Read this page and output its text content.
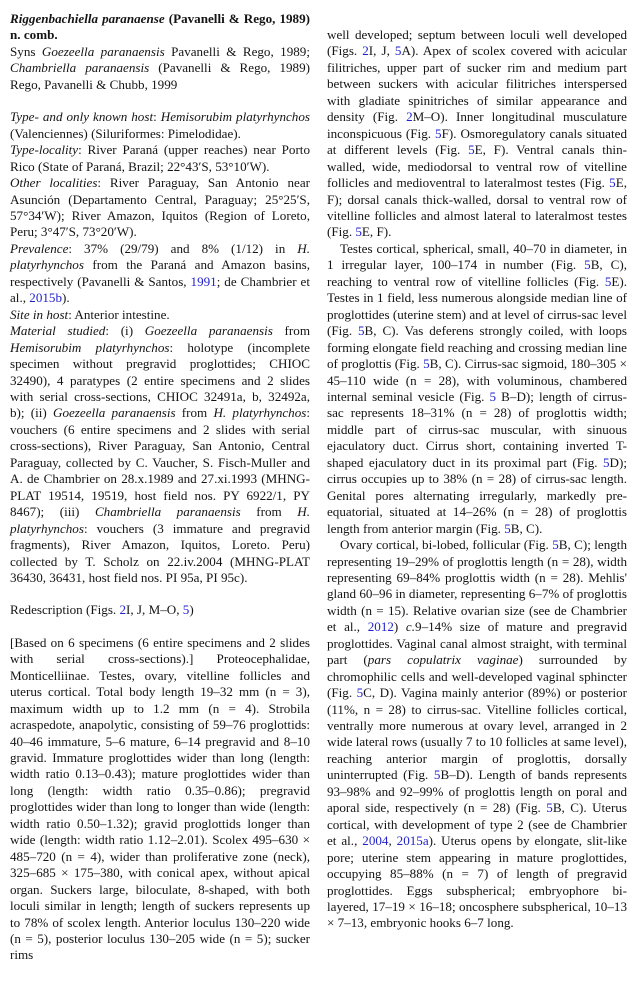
Riggenbachiella paranaense (Pavanelli & Rego, 1989) n. comb.

Syns Goezeella paranaensis Pavanelli & Rego, 1989; Chambriella paranaensis (Pavanelli & Rego, 1989) Rego, Pavanelli & Chubb, 1999

Type- and only known host: Hemisorubim platyrhynchos (Valenciennes) (Siluriformes: Pimelodidae).

Type-locality: River Paraná (upper reaches) near Porto Rico (State of Paraná, Brazil; 22°43′S, 53°10′W).

Other localities: River Paraguay, San Antonio near Asunción (Departamento Central, Paraguay; 25°25′S, 57°34′W); River Amazon, Iquitos (Region of Loreto, Peru; 3°47′S, 73°20′W).

Prevalence: 37% (29/79) and 8% (1/12) in H. platyrhynchos from the Paraná and Amazon basins, respectively (Pavanelli & Santos, 1991; de Chambrier et al., 2015b).

Site in host: Anterior intestine.

Material studied: (i) Goezeella paranaensis from Hemisorubim platyrhynchos: holotype (incomplete specimen without pregravid proglottides; CHIOC 32490), 4 paratypes (2 entire specimens and 2 slides with serial cross-sections, CHIOC 32491a, b, 32492a, b); (ii) Goezeella paranaensis from H. platyrhynchos: vouchers (6 entire specimens and 2 slides with serial cross-sections), River Paraguay, San Antonio, Central Paraguay, collected by C. Vaucher, S. Fisch-Muller and A. de Chambrier on 28.x.1989 and 27.xi.1993 (MHNG-PLAT 19514, 19519, host field nos. PY 6922/1, PY 8467); (iii) Chambriella paranaensis from H. platyrhynchos: vouchers (3 immature and pregravid fragments), River Amazon, Iquitos, Loreto. Peru) collected by T. Scholz on 22.iv.2004 (MHNG-PLAT 36430, 36431, host field nos. PI 95a, PI 95c).

Redescription (Figs. 2I, J, M–O, 5)

[Based on 6 specimens (6 entire specimens and 2 slides with serial cross-sections).] Proteocephalidae, Monticelliinae. Testes, ovary, vitelline follicles and uterus cortical. Total body length 19–32 mm (n = 3), maximum width up to 1.2 mm (n = 4). Strobila acraspedote, anapolytic, consisting of 59–76 proglottids: 40–46 immature, 5–6 mature, 6–14 pregravid and 8–10 gravid. Immature proglottides wider than long (length: width ratio 0.13–0.43); mature proglottides wider than long (length: width ratio 0.35–0.86); pregravid proglottides wider than long to longer than wide (length: width ratio 0.50–1.32); gravid proglottids longer than wide (length: width ratio 1.12–2.01). Scolex 495–630 × 485–720 (n = 4), wider than proliferative zone (neck), 325–685 × 175–380, with conical apex, without apical organ. Suckers large, biloculate, 8-shaped, with both loculi similar in length; length of suckers represents up to 78% of scolex length. Anterior loculus 130–220 wide (n = 5), posterior loculus 130–205 wide (n = 5); sucker rims

well developed; septum between loculi well developed (Figs. 2I, J, 5A). Apex of scolex covered with acicular filitriches, upper part of sucker rim and medium part between suckers with acicular filitriches interspersed with gladiate spinitriches of similar appearance and density (Fig. 2M–O). Inner longitudinal musculature inconspicuous (Fig. 5F). Osmoregulatory canals situated at different levels (Fig. 5E, F). Ventral canals thin-walled, wide, mediodorsal to ventral row of vitelline follicles and medioventral to lateralmost testes (Fig. 5E, F); dorsal canals thick-walled, dorsal to ventral row of vitelline follicles and almost lateral to lateralmost testes (Fig. 5E, F).

Testes cortical, spherical, small, 40–70 in diameter, in 1 irregular layer, 100–174 in number (Fig. 5B, C), reaching to ventral row of vitelline follicles (Fig. 5E). Testes in 1 field, less numerous alongside median line of proglottides (uterine stem) and at level of cirrus-sac level (Fig. 5B, C). Vas deferens strongly coiled, with loops forming elongate field reaching and crossing median line of proglottis (Fig. 5B, C). Cirrus-sac sigmoid, 180–305 × 45–110 wide (n = 28), with voluminous, chambered internal seminal vesicle (Fig. 5 B–D); length of cirrus-sac represents 18–31% (n = 28) of proglottis width; middle part of cirrus-sac muscular, with sinuous ejaculatory duct. Cirrus short, containing inverted T-shaped ejaculatory duct in its proximal part (Fig. 5D); cirrus occupies up to 38% (n = 28) of cirrus-sac length. Genital pores alternating irregularly, markedly pre-equatorial, situated at 14–26% (n = 28) of proglottis length from anterior margin (Fig. 5B, C).

Ovary cortical, bi-lobed, follicular (Fig. 5B, C); length representing 19–29% of proglottis length (n = 28), width representing 69–84% proglottis width (n = 28). Mehlis' gland 60–96 in diameter, representing 6–7% of proglottis width (n = 15). Relative ovarian size (see de Chambrier et al., 2012) c.9–14% size of mature and pregravid proglottides. Vaginal canal almost straight, with terminal part (pars copulatrix vaginae) surrounded by chromophilic cells and well-developed vaginal sphincter (Fig. 5C, D). Vagina mainly anterior (89%) or posterior (11%, n = 28) to cirrus-sac. Vitelline follicles cortical, ventrally more numerous at ovary level, arranged in 2 wide lateral rows (usually 7 to 10 follicles at same level), reaching anterior margin of proglottis, dorsally uninterrupted (Fig. 5B–D). Length of bands represents 93–98% and 92–99% of proglottis length on poral and aporal side, respectively (n = 28) (Fig. 5B, C). Uterus cortical, with development of type 2 (see de Chambrier et al., 2004, 2015a). Uterus opens by elongate, slit-like pore; uterine stem appearing in mature proglottides, occupying 85–88% (n = 7) of length of pregravid proglottides. Eggs subspherical; embryophore bi-layered, 17–19 × 16–18; oncosphere subspherical, 10–13 × 7–13, embryonic hooks 6–7 long.
